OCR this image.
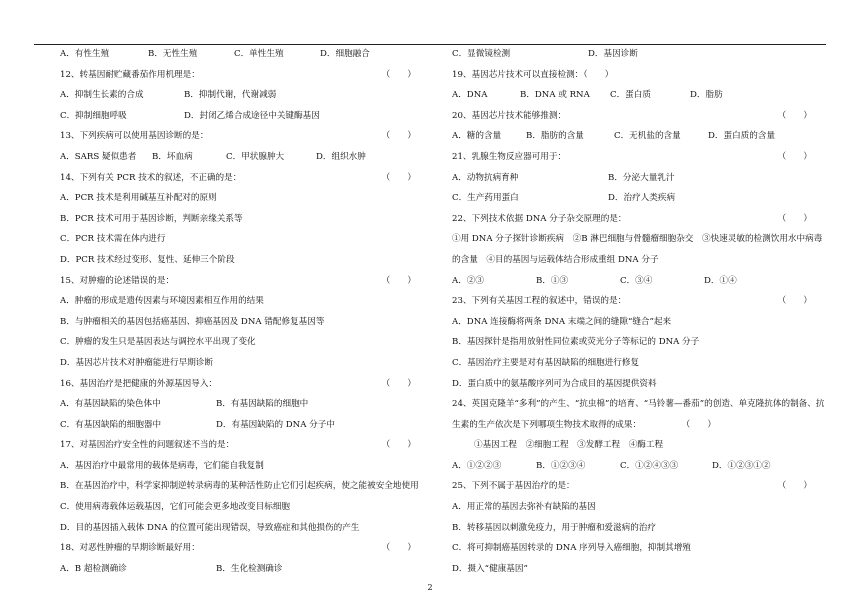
A．有性生殖	B．无性生殖	C．单性生殖	D．细胞融合
12、转基因耐贮藏番茄作用机理是：	（　　）
A．抑制生长素的合成	B．抑制代谢，代谢减弱
C．抑制细胞呼吸	D．封闭乙烯合成途径中关键酶基因
13、下列疾病可以使用基因诊断的是：	（　　）
A．SARS 疑似患者 B．坏血病	C．甲状腺肿大	D．组织水肿
14、下列有关 PCR 技术的叙述，不正确的是：	（　　）
A．PCR 技术是利用碱基互补配对的原则
B．PCR 技术可用于基因诊断，判断亲缘关系等
C．PCR 技术需在体内进行
D．PCR 技术经过变形、复性、延伸三个阶段
15、对肿瘤的论述错误的是：	（　　）
A．肿瘤的形成是遗传因素与环境因素相互作用的结果
B．与肿瘤相关的基因包括癌基因、抑癌基因及 DNA 错配修复基因等
C．肿瘤的发生只是基因表达与调控水平出现了变化
D．基因芯片技术对肿瘤能进行早期诊断
16、基因治疗是把健康的外源基因导入：	（　　）
A．有基因缺陷的染色体中	B．有基因缺陷的细胞中
C．有基因缺陷的细胞器中	D．有基因缺陷的 DNA 分子中
17、对基因治疗安全性的问题叙述不当的是：	（　　）
A．基因治疗中最常用的载体是病毒，它们能自我复制
B．在基因治疗中，科学家抑制逆转录病毒的某种活性防止它们引起疾病，使之能被安全地使用
C．使用病毒载体运载基因，它们可能会更多地改变目标细胞
D．目的基因插入载体 DNA 的位置可能出现错误，导致癌症和其他损伤的产生
18、对恶性肿瘤的早期诊断最好用：	（　　）
A．B 超检测确诊	B．生化检测确诊
C．显微镜检测	D．基因诊断
19、基因芯片技术可以直接检测：（　　）
A．DNA	B．DNA 或 RNA C．蛋白质	D．脂肪
20、基因芯片技术能够推测：	（　　）
A．糖的含量	B．脂肪的含量	C．无机盐的含量	D．蛋白质的含量
21、乳腺生物反应器可用于：	（　　）
A．动物抗病育种	B．分泌大量乳汁
C．生产药用蛋白	D．治疗人类疾病
22、下列技术依据 DNA 分子杂交原理的是：	（　　）
①用 DNA 分子探针诊断疾病　②B 淋巴细胞与骨髓瘤细胞杂交　③快速灵敏的检测饮用水中病毒
的含量　④目的基因与运载体结合形成重组 DNA 分子
A．②③	B．①③	C．③④	D．①④
23、下列有关基因工程的叙述中，错误的是：	（　　）
A．DNA 连接酶将两条 DNA 末端之间的缝隙“缝合”起来
B．基因探针是指用放射性同位素或荧光分子等标记的 DNA 分子
C．基因治疗主要是对有基因缺陷的细胞进行修复
D．蛋白质中的氨基酸序列可为合成目的基因提供资料
24、英国克隆羊“多利”的产生、“抗虫棉”的培育、“马铃薯—番茄”的创造、单克隆抗体的制备、抗
生素的生产依次是下列哪项生物技术取得的成果：	（　　）
①基因工程　②细胞工程　③发酵工程　④酶工程
A．①②②③	B．①②③④	C．①②④③③	D．①②③①②
25、下列不属于基因治疗的是：	（　　）
A．用正常的基因去弥补有缺陷的基因
B．转移基因以刺激免疫力，用于肿瘤和爱滋病的治疗
C．将可抑制癌基因转录的 DNA 序列导入癌细胞，抑制其增殖
D．摄入“健康基因”
2
